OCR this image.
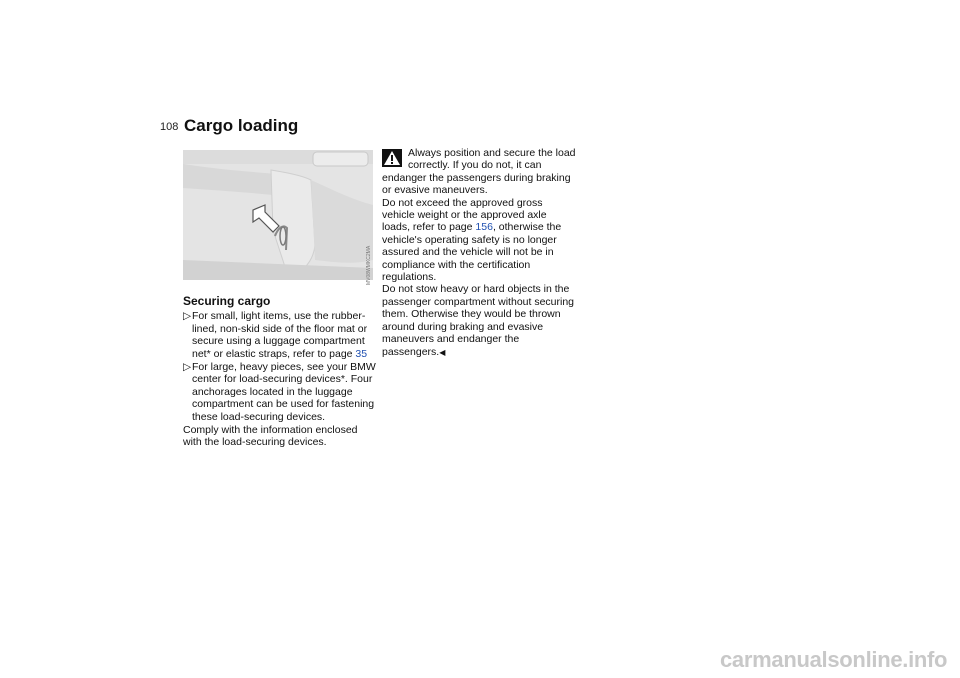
108 Cargo loading
MV08WMKC2MA
Securing cargo
▷ For small, light items, use the rubber-lined, non-skid side of the floor mat or secure using a luggage compartment net* or elastic straps, refer to page 35
▷ For large, heavy pieces, see your BMW center for load-securing devices*. Four anchorages located in the luggage compartment can be used for fastening these load-securing devices.

Comply with the information enclosed with the load-securing devices.

Always position and secure the load correctly. If you do not, it can endanger the passengers during braking or evasive maneuvers.

Do not exceed the approved gross vehicle weight or the approved axle loads, refer to page 156, otherwise the vehicle's operating safety is no longer assured and the vehicle will not be in compliance with the certification regulations.

Do not stow heavy or hard objects in the passenger compartment without securing them. Otherwise they would be thrown around during braking and evasive maneuvers and endanger the passengers.◀

carmanualsonline.info
